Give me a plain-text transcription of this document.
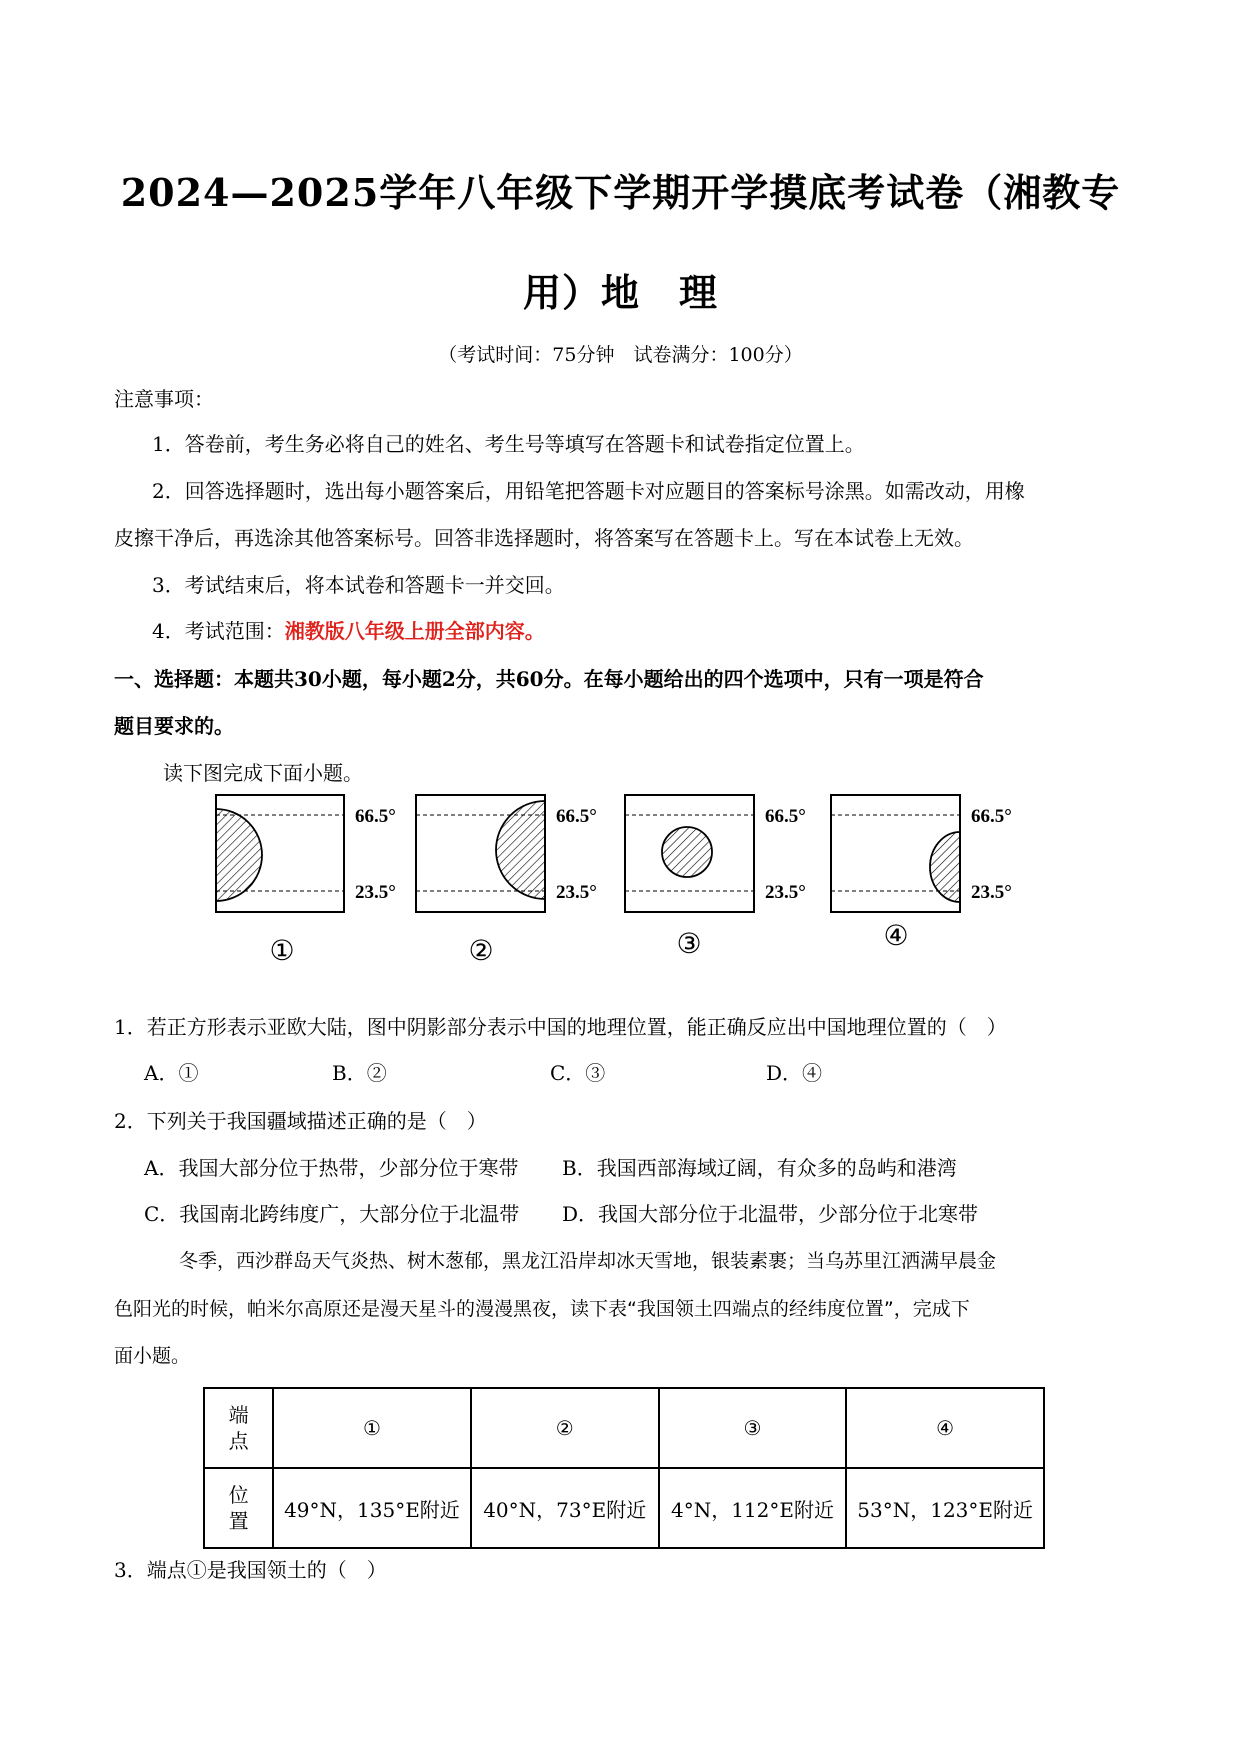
2024—2025学年八年级下学期开学摸底考试卷（湘教专
用）地　理
（考试时间：75分钟　试卷满分：100分）
注意事项：
1．答卷前，考生务必将自己的姓名、考生号等填写在答题卡和试卷指定位置上。
2．回答选择题时，选出每小题答案后，用铅笔把答题卡对应题目的答案标号涂黑。如需改动，用橡
皮擦干净后，再选涂其他答案标号。回答非选择题时，将答案写在答题卡上。写在本试卷上无效。
3．考试结束后，将本试卷和答题卡一并交回。
4．考试范围：湘教版八年级上册全部内容。
一、选择题：本题共30小题，每小题2分，共60分。在每小题给出的四个选项中，只有一项是符合
题目要求的。
读下图完成下面小题。
66.5°
23.5°
66.5°
23.5°
66.5°
23.5°
66.5°
23.5°
①	②	③	④
1．若正方形表示亚欧大陆，图中阴影部分表示中国的地理位置，能正确反应出中国地理位置的（　）
A．①	B．②	C．③	D．④
2．下列关于我国疆域描述正确的是（　）
A．我国大部分位于热带，少部分位于寒带 B．我国西部海域辽阔，有众多的岛屿和港湾
C．我国南北跨纬度广，大部分位于北温带 D．我国大部分位于北温带，少部分位于北寒带
冬季，西沙群岛天气炎热、树木葱郁，黑龙江沿岸却冰天雪地，银装素裹；当乌苏里江洒满早晨金
色阳光的时候，帕米尔高原还是漫天星斗的漫漫黑夜，读下表“我国领土四端点的经纬度位置”，完成下
面小题。
端
点	①	②	③	④

位
置	49°N，135°E附近	40°N，73°E附近	4°N，112°E附近	53°N，123°E附近
3．端点①是我国领土的（　）
